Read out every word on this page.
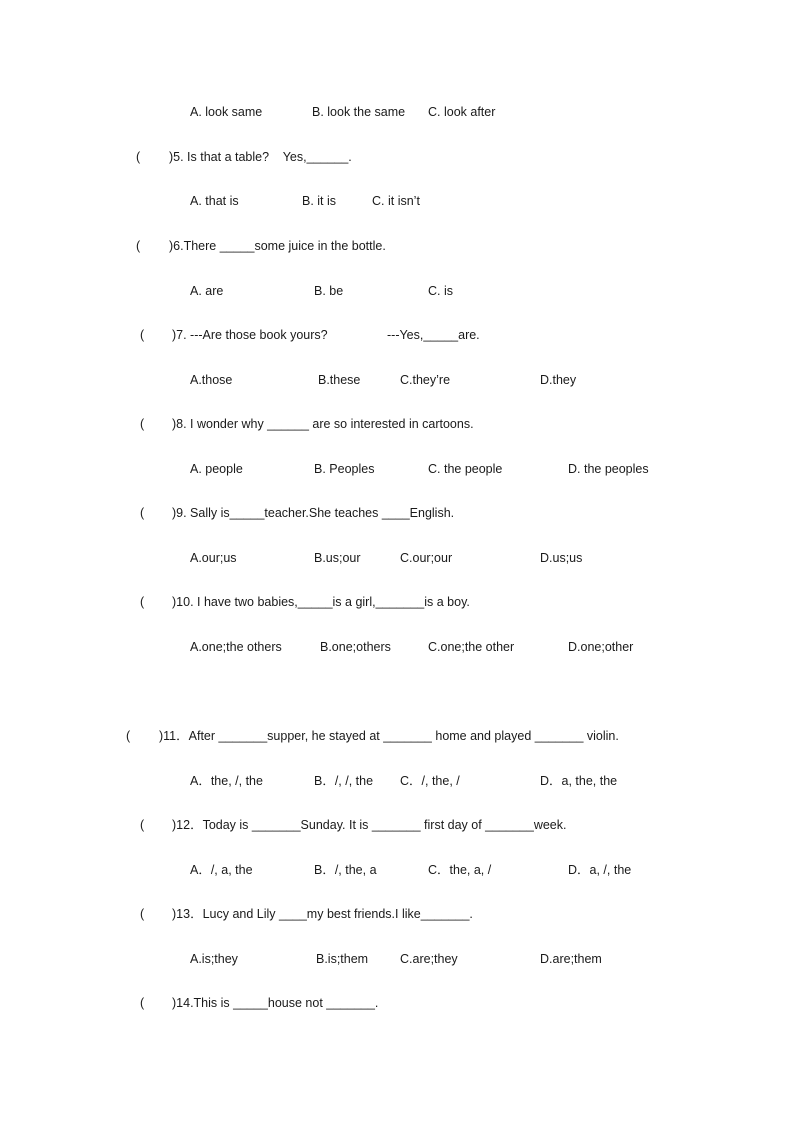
A. look same	B. look the same C. look after
( )5. Is that a table?    Yes,______.
A. that is	B. it is	C. it isn’t
( )6.There _____some juice in the bottle.
A. are	B. be	C. is
( )7. ---Are those book yours?	---Yes,_____are.
A.those	B.these	C.they’re	D.they
( )8. I wonder why ______ are so interested in cartoons.
A. people	B. Peoples	C. the people	D. the peoples
( )9. Sally is_____teacher.She teaches ____English.
A.our;us	B.us;our	C.our;our	D.us;us
( )10. I have two babies,_____is a girl,_______is a boy.
A.one;the others	B.one;others	C.one;the other	D.one;other
( )11．After _______supper, he stayed at _______ home and played _______ violin.
A．the, /, the	B．/, /, the C．/, the, /	D．a, the, the
( )12．Today is _______Sunday. It is _______ first day of _______week.
A．/, a, the	B．/, the, a	C．the, a, /	D．a, /, the
( )13．Lucy and Lily ____my best friends.I like_______.
A.is;they	B.is;them	C.are;they	D.are;them
( )14.This is _____house not _______.
